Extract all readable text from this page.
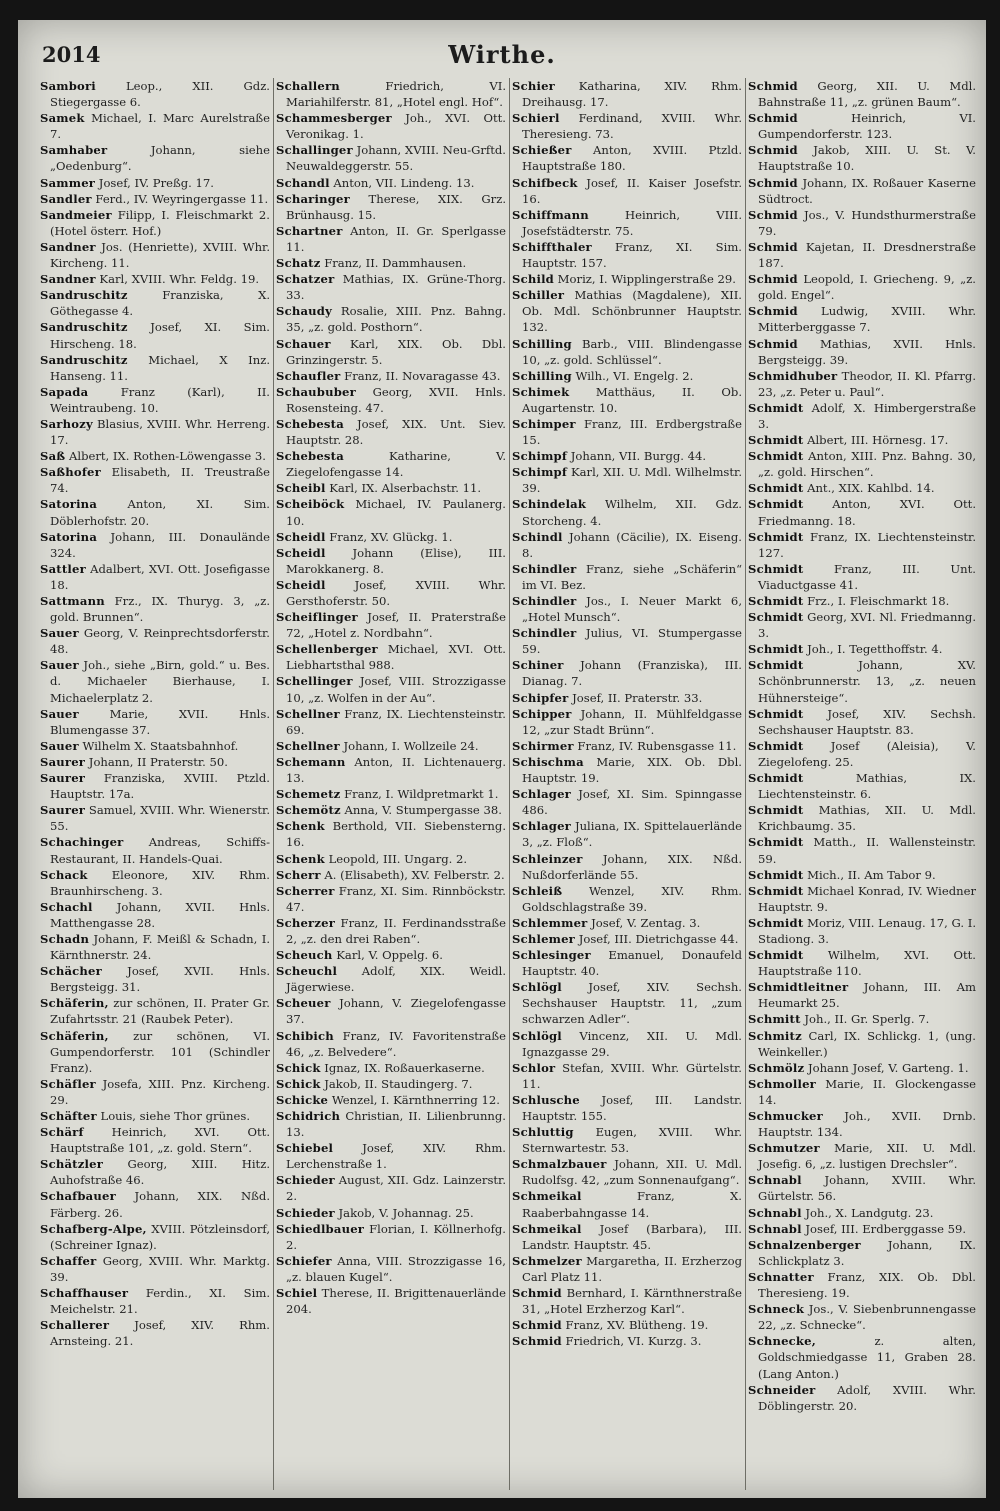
2014	Wirthe.

Sambori	Leop., XII. Gdz. Stiegergasse 6.

Samek Michael, I. Marc Aurelstraße 7.

Samhaber	Johann, siehe „Oedenburg“.

Sammer Josef, IV. Preßg. 17.

Sandler Ferd., IV. Weyringergasse 11.

Sandmeier Filipp, I. Fleischmarkt 2. (Hotel österr. Hof.)

Sandner Jos. (Henriette), XVIII. Whr. Kircheng. 11.

Sandner Karl, XVIII. Whr. Feldg. 19.

Sandruschitz	Franziska, X. Göthegasse 4.

Sandruschitz Josef, XI. Sim. Hirscheng. 18.

Sandruschitz Michael, X Inz. Hanseng. 11.

Sapada	Franz (Karl), II. Weintraubeng. 10.

Sarhozy Blasius, XVIII. Whr. Herreng. 17.

Saß Albert, IX. Rothen-Löwengasse 3.

Saßhofer Elisabeth, II. Treustraße 74.

Satorina	Anton, XI. Sim. Döblerhofstr. 20.

Satorina Johann, III. Donaulände 324.

Sattler Adalbert, XVI. Ott. Josefigasse 18.

Sattmann Frz., IX. Thuryg. 3, „z. gold. Brunnen“.

Sauer Georg, V. Reinprechtsdorferstr. 48.

Sauer Joh., siehe „Birn, gold.“ u. Bes. d. Michaeler Bierhause, I. Michaelerplatz 2.

Sauer	Marie, XVII. Hnls. Blumengasse 37.

Sauer Wilhelm X. Staatsbahnhof.

Saurer Johann, II Praterstr. 50.

Saurer Franziska, XVIII. Ptzld. Hauptstr. 17a.

Saurer Samuel, XVIII. Whr. Wienerstr. 55.

Schachinger Andreas, Schiffs-Restaurant, II. Handels-Quai.

Schack Eleonore, XIV. Rhm. Braunhirscheng. 3.

Schachl Johann, XVII. Hnls. Matthengasse 28.

Schadn Johann, F. Meißl & Schadn, I. Kärnthnerstr. 24.

Schächer Josef, XVII. Hnls. Bergsteigg. 31.

Schäferin, zur schönen, II. Prater Gr. Zufahrtsstr. 21 (Raubek Peter).

Schäferin, zur schönen, VI. Gumpendorferstr. 101 (Schindler Franz).

Schäfler Josefa, XIII. Pnz. Kircheng. 29.

Schäfter Louis, siehe Thor grünes.

Schärf Heinrich, XVI. Ott. Hauptstraße 101, „z. gold. Stern“.

Schätzler Georg, XIII. Hitz. Auhofstraße 46.

Schafbauer Johann, XIX. Nßd. Färberg. 26.

Schafberg-Alpe, XVIII. Pötzleinsdorf, (Schreiner Ignaz).

Schaffer Georg, XVIII. Whr. Marktg. 39.

Schaffhauser Ferdin., XI. Sim. Meichelstr. 21.

Schallerer Josef, XIV. Rhm. Arnsteing. 21.

Schallern	Friedrich, VI. Mariahilferstr. 81, „Hotel engl. Hof“.

Schammesberger Joh., XVI. Ott. Veronikag. 1.

Schallinger Johann, XVIII. Neu-Grftd. Neuwaldeggerstr. 55.

Schandl Anton, VII. Lindeng. 13.

Scharinger Therese, XIX. Grz. Brünhausg. 15.

Schartner Anton, II. Gr. Sperlgasse 11.

Schatz Franz, II. Dammhausen.

Schatzer Mathias, IX. Grüne-Thorg. 33.

Schaudy Rosalie, XIII. Pnz. Bahng. 35, „z. gold. Posthorn“.

Schauer Karl, XIX. Ob. Dbl. Grinzingerstr. 5.

Schaufler Franz, II. Novaragasse 43.

Schaububer Georg, XVII. Hnls. Rosensteing. 47.

Schebesta Josef, XIX. Unt. Siev. Hauptstr. 28.

Schebesta	Katharine, V. Ziegelofengasse 14.

Scheibl Karl, IX. Alserbachstr. 11.

Scheiböck Michael, IV. Paulanerg. 10.

Scheidl Franz, XV. Glückg. 1.

Scheidl Johann (Elise), III. Marokkanerg. 8.

Scheidl	Josef, XVIII. Whr. Gersthoferstr. 50.

Scheiflinger Josef, II. Praterstraße 72, „Hotel z. Nordbahn“.

Schellenberger Michael, XVI. Ott. Liebhartsthal 988.

Schellinger Josef, VIII. Strozzigasse 10, „z. Wolfen in der Au“.

Schellner Franz, IX. Liechtensteinstr. 69.

Schellner Johann, I. Wollzeile 24.

Schemann Anton, II. Lichtenauerg. 13.

Schemetz Franz, I. Wildpretmarkt 1.

Schemötz Anna, V. Stumpergasse 38.

Schenk Berthold, VII. Siebensterng. 16.

Schenk Leopold, III. Ungarg. 2.

Scherr A. (Elisabeth), XV. Felberstr. 2.

Scherrer Franz, XI. Sim. Rinnböckstr. 47.

Scherzer Franz, II. Ferdinandsstraße 2, „z. den drei Raben“.

Scheuch Karl, V. Oppelg. 6.

Scheuchl Adolf, XIX. Weidl. Jägerwiese.

Scheuer Johann, V. Ziegelofengasse 37.

Schibich Franz, IV. Favoritenstraße 46, „z. Belvedere“.

Schick Ignaz, IX. Roßauerkaserne.

Schick Jakob, II. Staudingerg. 7.

Schicke Wenzel, I. Kärnthnerring 12.

Schidrich Christian, II. Lilienbrunng. 13.

Schiebel	Josef, XIV. Rhm. Lerchenstraße 1.

Schieder August, XII. Gdz. Lainzerstr. 2.

Schieder Jakob, V. Johannag. 25.

Schiedlbauer Florian, I. Köllnerhofg. 2.

Schiefer Anna, VIII. Strozzigasse 16, „z. blauen Kugel“.

Schiel Therese, II. Brigittenauerlände 204.

Schier Katharina, XIV. Rhm. Dreihausg. 17.

Schierl Ferdinand, XVIII. Whr. Theresieng. 73.

Schießer Anton, XVIII. Ptzld. Hauptstraße 180.

Schifbeck Josef, II. Kaiser Josefstr. 16.

Schiffmann	Heinrich, VIII. Josefstädterstr. 75.

Schiffthaler Franz, XI. Sim. Hauptstr. 157.

Schild Moriz, I. Wipplingerstraße 29.

Schiller Mathias (Magdalene), XII. Ob. Mdl. Schönbrunner Hauptstr. 132.

Schilling Barb., VIII. Blindengasse 10, „z. gold. Schlüssel“.

Schilling Wilh., VI. Engelg. 2.

Schimek Matthäus, II. Ob. Augartenstr. 10.

Schimper Franz, III. Erdbergstraße 15.

Schimpf Johann, VII. Burgg. 44.

Schimpf Karl, XII. U. Mdl. Wilhelmstr. 39.

Schindelak Wilhelm, XII. Gdz. Storcheng. 4.

Schindl Johann (Cäcilie), IX. Eiseng. 8.

Schindler Franz, siehe „Schäferin“ im VI. Bez.

Schindler Jos., I. Neuer Markt 6, „Hotel Munsch“.

Schindler Julius, VI. Stumpergasse 59.

Schiner Johann (Franziska), III. Dianag. 7.

Schipfer Josef, II. Praterstr. 33.

Schipper Johann, II. Mühlfeldgasse 12, „zur Stadt Brünn“.

Schirmer Franz, IV. Rubensgasse 11.

Schischma Marie, XIX. Ob. Dbl. Hauptstr. 19.

Schlager Josef, XI. Sim. Spinngasse 486.

Schlager Juliana, IX. Spittelauerlände 3, „z. Floß“.

Schleinzer Johann, XIX. Nßd. Nußdorferlände 55.

Schleiß Wenzel, XIV. Rhm. Goldschlagstraße 39.

Schlemmer Josef, V. Zentag. 3.

Schlemer Josef, III. Dietrichgasse 44.

Schlesinger Emanuel, Donaufeld Hauptstr. 40.

Schlögl Josef, XIV. Sechsh. Sechshauser Hauptstr. 11, „zum schwarzen Adler“.

Schlögl Vincenz, XII. U. Mdl. Ignazgasse 29.

Schlor Stefan, XVIII. Whr. Gürtelstr. 11.

Schlusche Josef, III. Landstr. Hauptstr. 155.

Schluttig Eugen, XVIII. Whr. Sternwartestr. 53.

Schmalzbauer Johann, XII. U. Mdl. Rudolfsg. 42, „zum Sonnenaufgang“.

Schmeikal	Franz, X. Raaberbahngasse 14.

Schmeikal Josef (Barbara), III. Landstr. Hauptstr. 45.

Schmelzer Margaretha, II. Erzherzog Carl Platz 11.

Schmid Bernhard, I. Kärnthnerstraße 31, „Hotel Erzherzog Karl“.

Schmid Franz, XV. Blütheng. 19.

Schmid Friedrich, VI. Kurzg. 3.

Schmid Georg, XII. U. Mdl. Bahnstraße 11, „z. grünen Baum“.

Schmid	Heinrich, VI. Gumpendorferstr. 123.

Schmid Jakob, XIII. U. St. V. Hauptstraße 10.

Schmid Johann, IX. Roßauer Kaserne Südtroct.

Schmid Jos., V. Hundsthurmerstraße 79.

Schmid Kajetan, II. Dresdnerstraße 187.

Schmid Leopold, I. Griecheng. 9, „z. gold. Engel“.

Schmid Ludwig, XVIII. Whr. Mitterberggasse 7.

Schmid Mathias, XVII. Hnls. Bergsteigg. 39.

Schmidhuber Theodor, II. Kl. Pfarrg. 23, „z. Peter u. Paul“.

Schmidt Adolf, X. Himbergerstraße 3.

Schmidt Albert, III. Hörnesg. 17.

Schmidt Anton, XIII. Pnz. Bahng. 30, „z. gold. Hirschen“.

Schmidt Ant., XIX. Kahlbd. 14.

Schmidt Anton, XVI. Ott. Friedmanng. 18.

Schmidt Franz, IX. Liechtensteinstr. 127.

Schmidt	Franz, III. Unt. Viaductgasse 41.

Schmidt Frz., I. Fleischmarkt 18.

Schmidt Georg, XVI. Nl. Friedmanng. 3.

Schmidt Joh., I. Tegetthoffstr. 4.

Schmidt	Johann, XV. Schönbrunnerstr. 13, „z. neuen Hühnersteige“.

Schmidt Josef, XIV. Sechsh. Sechshauser Hauptstr. 83.

Schmidt Josef (Aleisia), V. Ziegelofeng. 25.

Schmidt	Mathias, IX. Liechtensteinstr. 6.

Schmidt Mathias, XII. U. Mdl. Krichbaumg. 35.

Schmidt Matth., II. Wallensteinstr. 59.

Schmidt Mich., II. Am Tabor 9.

Schmidt Michael Konrad, IV. Wiedner Hauptstr. 9.

Schmidt Moriz, VIII. Lenaug. 17, G. I. Stadiong. 3.

Schmidt Wilhelm, XVI. Ott. Hauptstraße 110.

Schmidtleitner Johann, III. Am Heumarkt 25.

Schmitt Joh., II. Gr. Sperlg. 7.

Schmitz Carl, IX. Schlickg. 1, (ung. Weinkeller.)

Schmölz Johann Josef, V. Garteng. 1.

Schmoller Marie, II. Glockengasse 14.

Schmucker Joh., XVII. Drnb. Hauptstr. 134.

Schmutzer Marie, XII. U. Mdl. Josefig. 6, „z. lustigen Drechsler“.

Schnabl Johann, XVIII. Whr. Gürtelstr. 56.

Schnabl Joh., X. Landgutg. 23.

Schnabl Josef, III. Erdberggasse 59.

Schnalzenberger Johann, IX. Schlickplatz 3.

Schnatter Franz, XIX. Ob. Dbl. Theresieng. 19.

Schneck Jos., V. Siebenbrunnengasse 22, „z. Schnecke“.

Schnecke,	z. alten, Goldschmiedgasse 11, Graben 28. (Lang Anton.)

Schneider Adolf, XVIII. Whr. Döblingerstr. 20.
